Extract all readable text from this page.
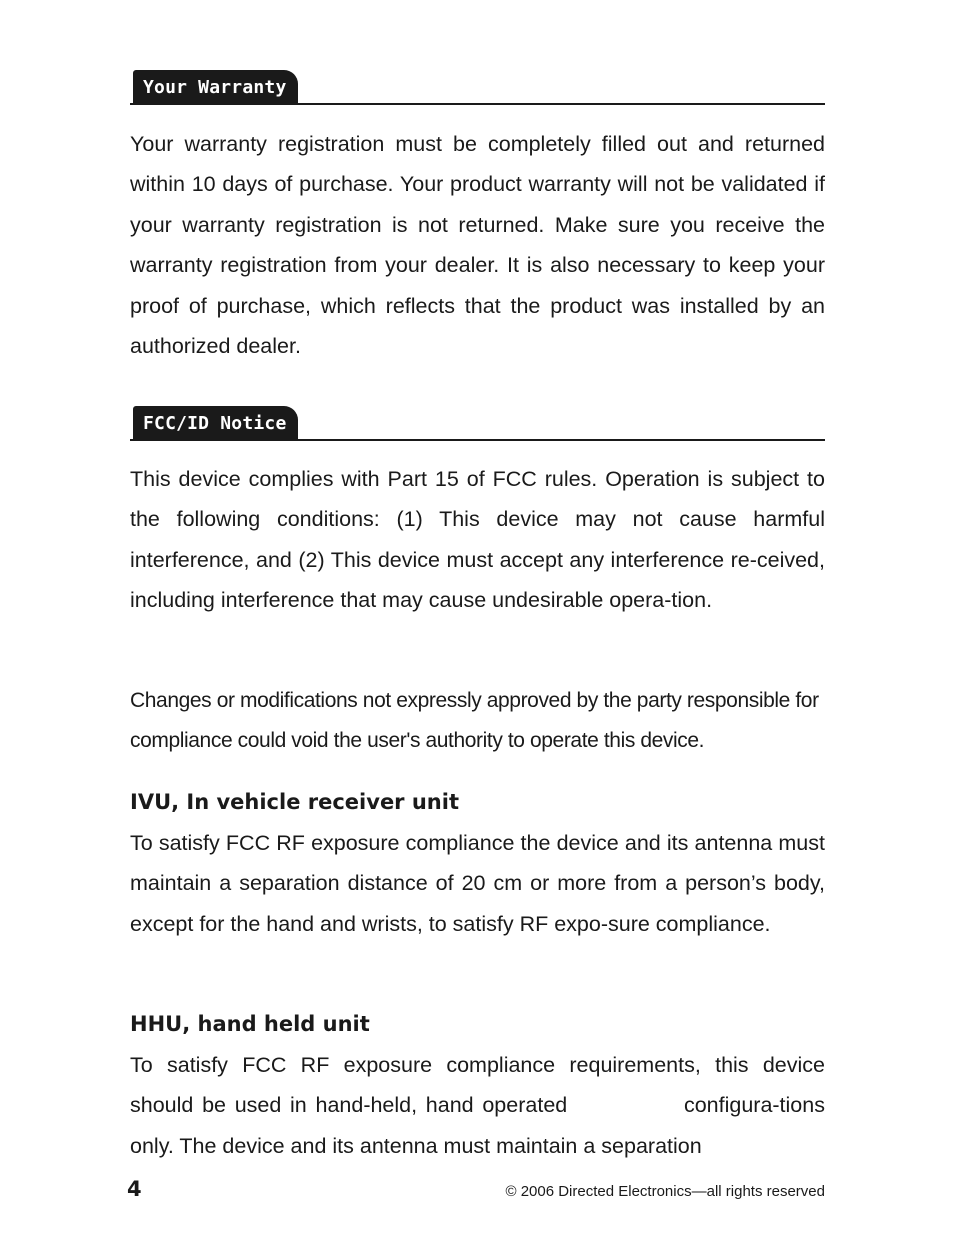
Your Warranty

Your warranty registration must be completely filled out and returned within 10 days of purchase. Your product warranty will not be validated if your warranty registration is not returned. Make sure you receive the warranty registration from your dealer. It is also necessary to keep your proof of purchase, which reflects that the product was installed by an authorized dealer.

FCC/ID Notice

This device complies with Part 15 of FCC rules. Operation is subject to the following conditions: (1) This device may not cause harmful interference, and (2) This device must accept any interference re-ceived, including interference that may cause undesirable opera-tion.

Changes or modifications not expressly approved by the party responsible for compliance could void the user's authority to operate this device.

IVU, In vehicle receiver unit

To satisfy FCC RF exposure compliance the device and its antenna must maintain a separation distance of 20 cm or more from a person’s body, except for the hand and wrists, to satisfy RF expo-sure compliance.

HHU, hand held unit

To satisfy FCC RF exposure compliance requirements, this device should be used in hand-held, hand operated	configura-tions only. The device and its antenna must maintain a separation

4	© 2006 Directed Electronics—all rights reserved
